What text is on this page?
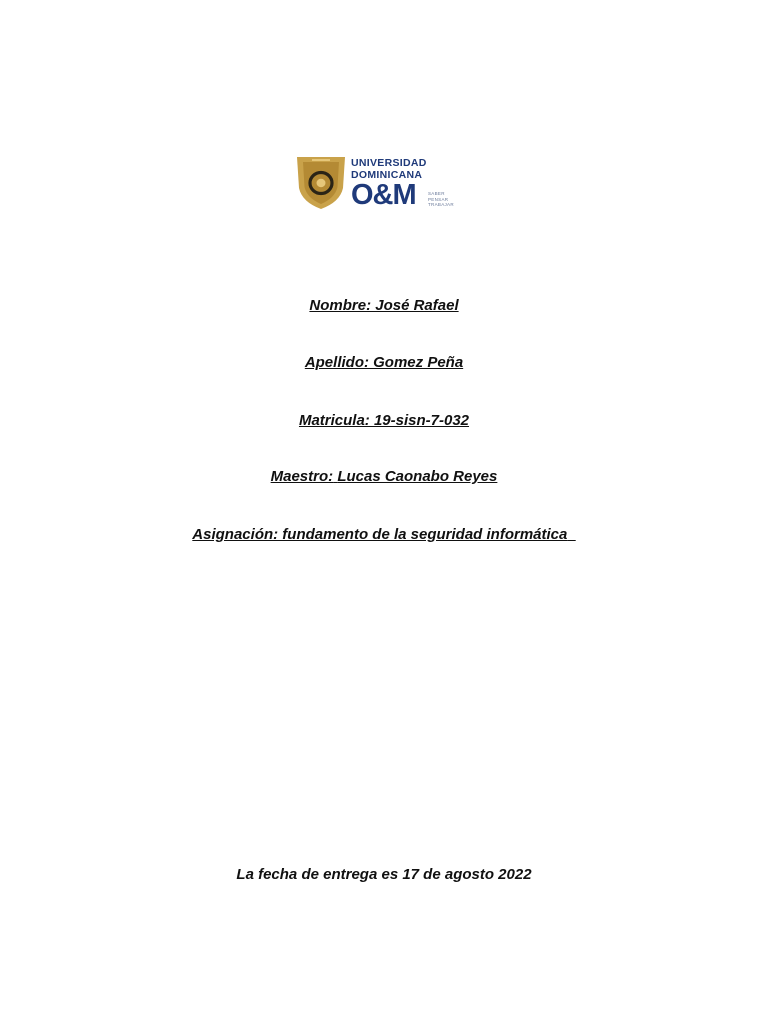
UNIVERSIDAD
DOMINICANA
O&M	SABER
PENSAR
TRABAJAR
Nombre: José Rafael
Apellido: Gomez Peña
Matricula: 19-sisn-7-032
Maestro: Lucas Caonabo Reyes
Asignación: fundamento de la seguridad informática
La fecha de entrega es 17 de agosto 2022
